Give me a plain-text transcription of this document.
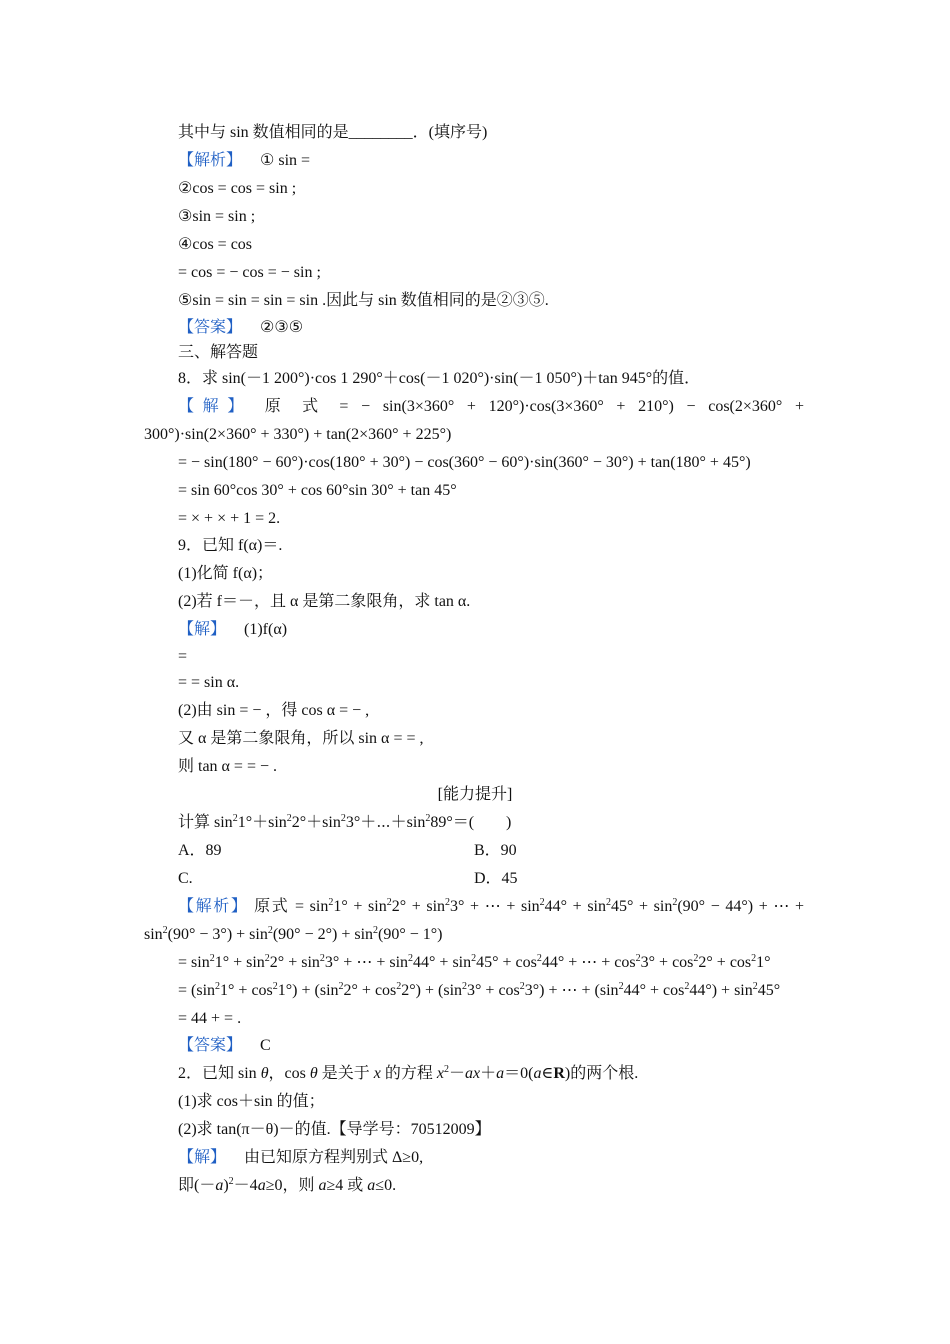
其中与 sin 数值相同的是________．(填序号)
【解析】 ① sin =
②cos = cos = sin ;
③sin = sin ;
④cos = cos
= cos = − cos = − sin ;
⑤sin = sin = sin = sin .因此与 sin 数值相同的是②③⑤.
【答案】 ②③⑤
三、解答题
8．求 sin(－1 200°)·cos 1 290°＋cos(－1 020°)·sin(－1 050°)＋tan 945°的值．
【解】 原 式 = − sin(3×360° + 120°)·cos(3×360° + 210°) − cos(2×360° +
300°)·sin(2×360° + 330°) + tan(2×360° + 225°)
= − sin(180° − 60°)·cos(180° + 30°) − cos(360° − 60°)·sin(360° − 30°) + tan(180° + 45°)
= sin 60°cos 30° + cos 60°sin 30° + tan 45°
= × + × + 1 = 2.
9．已知 f(α)＝.
(1)化简 f(α)；
(2)若 f＝－，且 α 是第二象限角，求 tan α.
【解】 (1)f(α)
=
= = sin α.
(2)由 sin = − ，得 cos α = − ,
又 α 是第二象限角，所以 sin α = = ,
则 tan α = = − .
[能力提升]
计算 $\sin^21^\circ+\sin^22^\circ+\sin^23^\circ+\cdots+\sin^289^\circ=$(　　)
A．89	B．90
C.	D．45
【解析】 原式 = $\sin^21^\circ + \sin^22^\circ + \sin^23^\circ$ + ⋯ + $\sin^244^\circ + \sin^245^\circ + \sin^2(90^\circ - 44^\circ)$ + ⋯ +
$\sin^2(90^\circ - 3^\circ) + \sin^2(90^\circ - 2^\circ) + \sin^2(90^\circ - 1^\circ)$
= $\sin^21^\circ + \sin^22^\circ + \sin^23^\circ$ + ⋯ + $\sin^244^\circ + \sin^245^\circ + \cos^244^\circ$ + ⋯ + $\cos^23^\circ + \cos^22^\circ + \cos^21^\circ$
= $(\sin^21^\circ + \cos^21^\circ) + (\sin^22^\circ + \cos^22^\circ) + (\sin^23^\circ + \cos^23^\circ)$ + ⋯ + $(\sin^244^\circ + \cos^244^\circ) + \sin^245^\circ$
= 44 + = .
【答案】 C
2．已知 sin θ，cos θ 是关于 x 的方程 $x^2-ax+a=0(a\in R)$的两个根.
(1)求 cos＋sin 的值；
(2)求 tan(π－θ)－的值.【导学号：70512009】
【解】 由已知原方程判别式 Δ≥0,
即$(-a)^2-4a\ge 0$，则 a≥4 或 a≤0.
